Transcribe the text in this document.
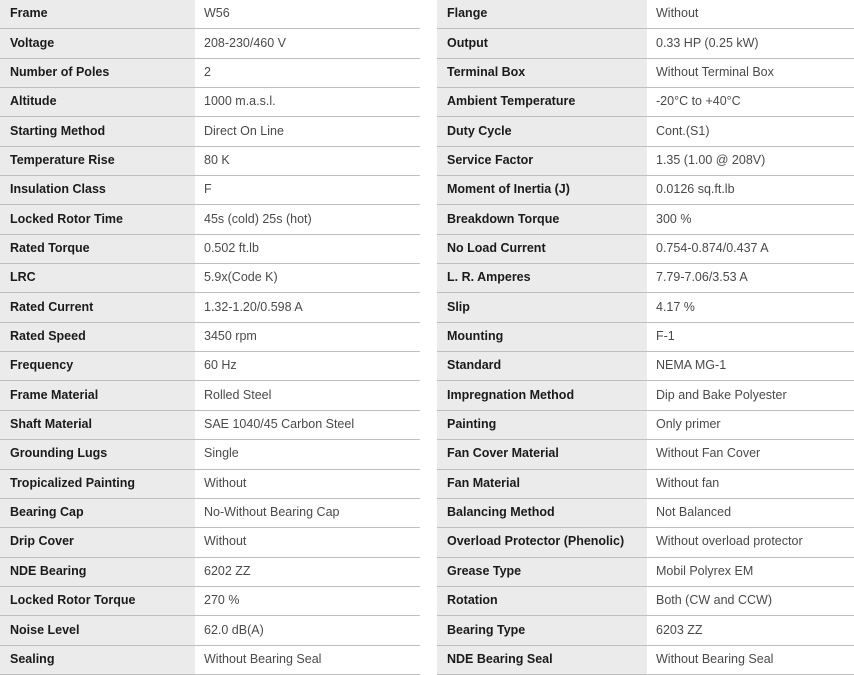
Frame	W56
Voltage	208-230/460 V
Number of Poles	2
Altitude	1000 m.a.s.l.
Starting Method	Direct On Line
Temperature Rise	80 K
Insulation Class	F
Locked Rotor Time	45s (cold) 25s (hot)
Rated Torque	0.502 ft.lb
LRC	5.9x(Code K)
Rated Current	1.32-1.20/0.598 A
Rated Speed	3450 rpm
Frequency	60 Hz
Frame Material	Rolled Steel
Shaft Material	SAE 1040/45 Carbon Steel
Grounding Lugs	Single
Tropicalized Painting	Without
Bearing Cap	No-Without Bearing Cap
Drip Cover	Without
NDE Bearing	6202 ZZ
Locked Rotor Torque	270 %
Noise Level	62.0 dB(A)
Sealing	Without Bearing Seal
Flange	Without
Output	0.33 HP (0.25 kW)
Terminal Box	Without Terminal Box
Ambient Temperature	-20°C to +40°C
Duty Cycle	Cont.(S1)
Service Factor	1.35 (1.00 @ 208V)
Moment of Inertia (J)	0.0126 sq.ft.lb
Breakdown Torque	300 %
No Load Current	0.754-0.874/0.437 A
L. R. Amperes	7.79-7.06/3.53 A
Slip	4.17 %
Mounting	F-1
Standard	NEMA MG-1
Impregnation Method	Dip and Bake Polyester
Painting	Only primer
Fan Cover Material	Without Fan Cover
Fan Material	Without fan
Balancing Method	Not Balanced
Overload Protector (Phenolic)	Without overload protector
Grease Type	Mobil Polyrex EM
Rotation	Both (CW and CCW)
Bearing Type	6203 ZZ
NDE Bearing Seal	Without Bearing Seal
